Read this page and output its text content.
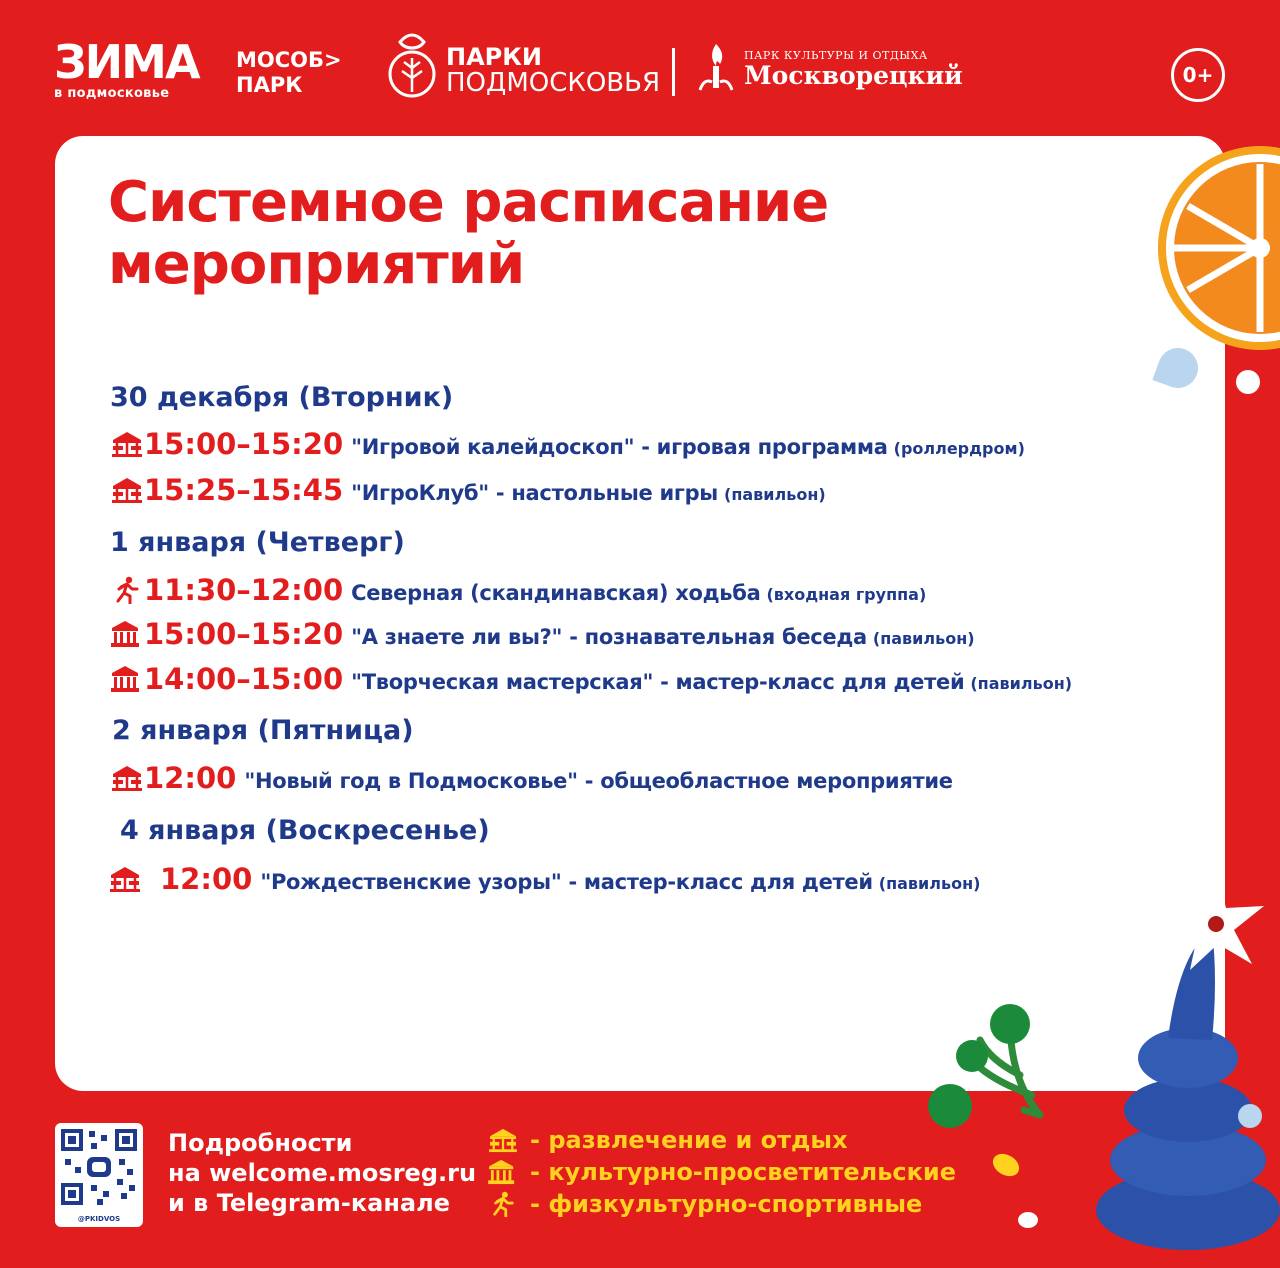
ЗИМА
в подмосковье
МОСОБ>
ПАРК
ПАРКИ
ПОДМОСКОВЬЯ
ПАРК КУЛЬТУРЫ И ОТДЫХА
Москворецкий	0+
Системное расписание
мероприятий
30 декабря (Вторник)
15:00–15:20 "Игровой калейдоскоп" - игровая программа (роллердром)
15:25–15:45 "ИгроКлуб" - настольные игры (павильон)
1 января (Четверг)
11:30–12:00 Северная (скандинавская) ходьба (входная группа)
15:00–15:20 "А знаете ли вы?" - познавательная беседа (павильон)
14:00–15:00 "Творческая мастерская" - мастер-класс для детей (павильон)
2 января (Пятница)
12:00 "Новый год в Подмосковье" - общеобластное мероприятие
4 января (Воскресенье)
12:00 "Рождественские узоры" - мастер-класс для детей (павильон)
@PKIDVOS
Подробности
на welcome.mosreg.ru
и в Telegram-канале
- развлечение и отдых
- культурно-просветительские
- физкультурно-спортивные
